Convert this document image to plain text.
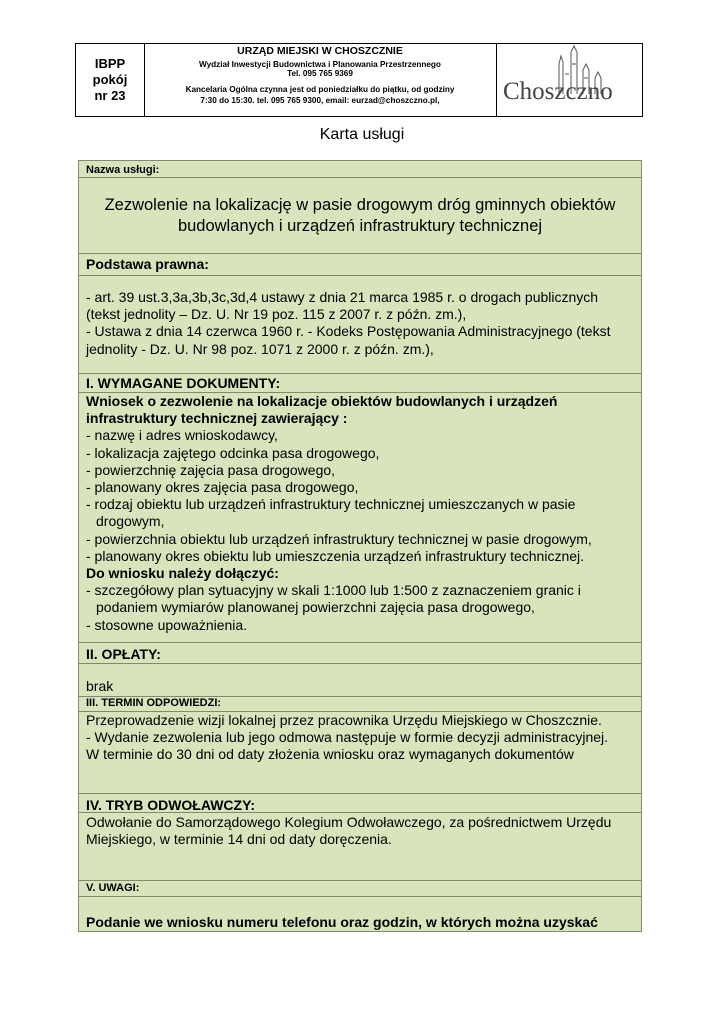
IBPP
pokój
nr 23
URZĄD MIEJSKI W CHOSZCZNIE
Wydział Inwestycji Budownictwa i Planowania Przestrzennego
Tel. 095 765 9369
Kancelaria Ogólna czynna jest od poniedziałku do piątku, od godziny
7:30 do 15:30. tel. 095 765 9300, email: eurzad@choszczno.pl,	Choszczno
Karta usługi
Nazwa usługi:
Zezwolenie na lokalizację w pasie drogowym dróg gminnych obiektów
budowlanych i urządzeń infrastruktury technicznej
Podstawa prawna:
- art. 39 ust.3,3a,3b,3c,3d,4 ustawy z dnia 21 marca 1985 r. o drogach publicznych
(tekst jednolity – Dz. U. Nr 19 poz. 115 z 2007 r. z późn. zm.),
- Ustawa z dnia 14 czerwca 1960 r. - Kodeks Postępowania Administracyjnego (tekst
jednolity - Dz. U. Nr 98 poz. 1071 z 2000 r. z późn. zm.),
I. WYMAGANE DOKUMENTY:
Wniosek o zezwolenie na lokalizacje obiektów budowlanych i urządzeń
infrastruktury technicznej zawierający :
- nazwę i adres wnioskodawcy,
- lokalizacja zajętego odcinka pasa drogowego,
- powierzchnię zajęcia pasa drogowego,
- planowany okres zajęcia pasa drogowego,
- rodzaj obiektu lub urządzeń infrastruktury technicznej umieszczanych w pasie
drogowym,
- powierzchnia obiektu lub urządzeń infrastruktury technicznej w pasie drogowym,
- planowany okres obiektu lub umieszczenia urządzeń infrastruktury technicznej.
Do wniosku należy dołączyć:
- szczegółowy plan sytuacyjny w skali 1:1000 lub 1:500 z zaznaczeniem granic i
podaniem wymiarów planowanej powierzchni zajęcia pasa drogowego,
- stosowne upoważnienia.
II. OPŁATY:
brak
III. TERMIN ODPOWIEDZI:
Przeprowadzenie wizji lokalnej przez pracownika Urzędu Miejskiego w Choszcznie.
- Wydanie zezwolenia lub jego odmowa następuje w formie decyzji administracyjnej.
W terminie do 30 dni od daty złożenia wniosku oraz wymaganych dokumentów
IV. TRYB ODWOŁAWCZY:
Odwołanie do Samorządowego Kolegium Odwoławczego, za pośrednictwem Urzędu
Miejskiego, w terminie 14 dni od daty doręczenia.
V. UWAGI:
Podanie we wniosku numeru telefonu oraz godzin, w których można uzyskać
